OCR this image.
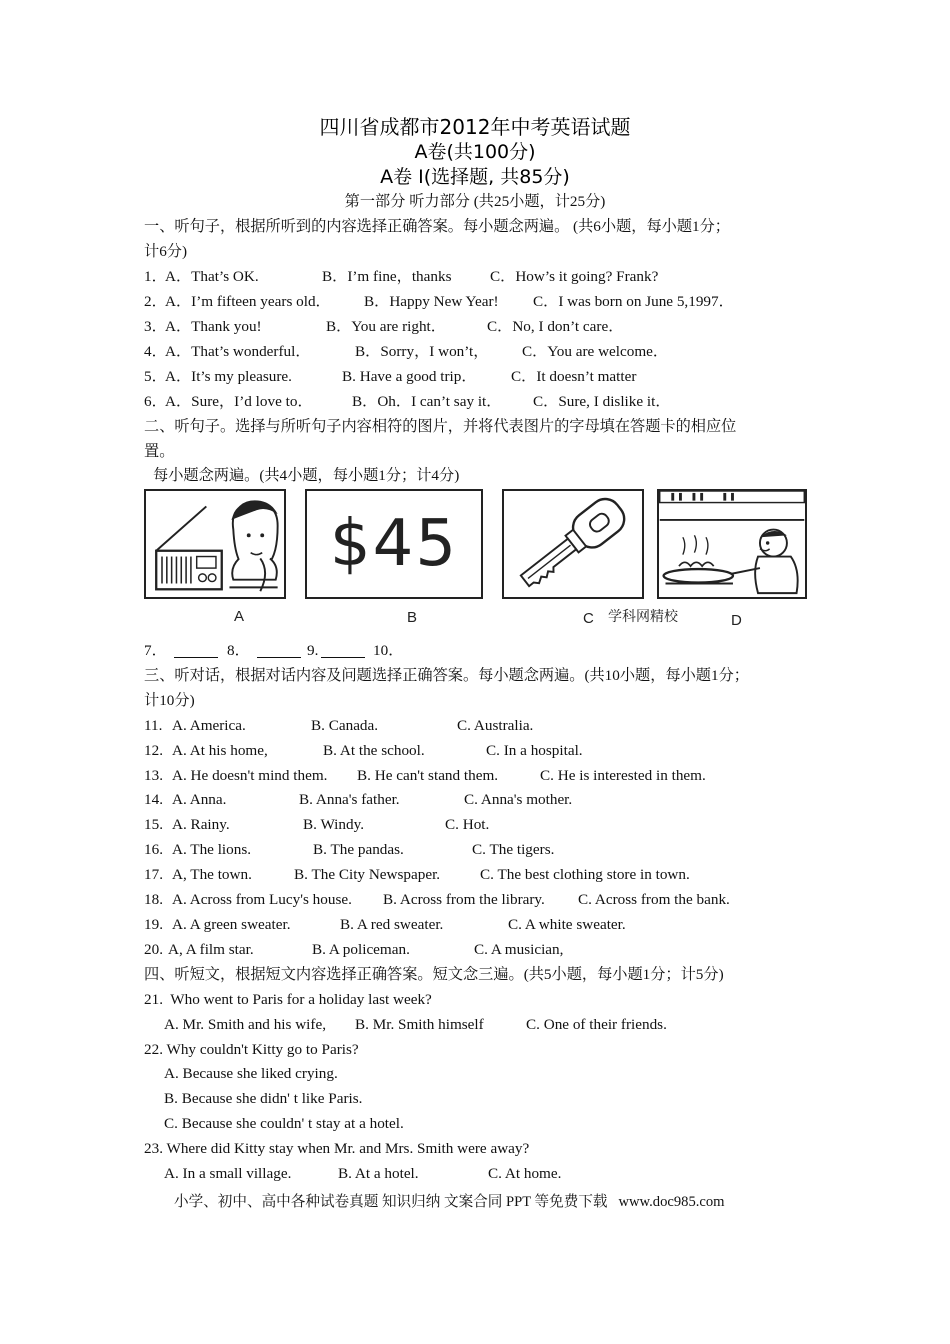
四川省成都市2012年中考英语试题
A卷(共100分)
A卷 I(选择题, 共85分)
第一部分 听力部分 (共25小题，计25分)
一、听句子，根据所听到的内容选择正确答案。每小题念两遍。 (共6小题，每小题1分；
计6分)
1．
A．That’s OK.	B．I’m fine，thanks	C．How’s it going? Frank?
2．
A．I’m fifteen years old． B．Happy New Year! C．I was born on June 5,1997．
3．
A．Thank you!	B．You are right．	C．No, I don’t care．
4．
A．That’s wonderful．	B．Sorry，I won’t， C．You are welcome．
5．
A．It’s my pleasure.	B. Have a good trip． C．It doesn’t matter
6．
A．Sure，I’d love to．	B．Oh．I can’t say it． C．Sure, I dislike it．
二、听句子。选择与所听句子内容相符的图片，并将代表图片的字母填在答题卡的相应位
置。
每小题念两遍。(共4小题，每小题1分；计4分)
A
$45
B	C 学科网精校	D
7．	8．	9.	10．
三、听对话，根据对话内容及问题选择正确答案。每小题念两遍。(共10小题，每小题1分；
计10分)
11. A. America.	B. Canada.	C. Australia.
12. A. At his home,	B. At the school.	C. In a hospital.
13. A. He doesn't mind them. B. He can't stand them.	C. He is interested in them.
14. A. Anna.	B. Anna's father.	C. Anna's mother.
15. A. Rainy.	B. Windy.	C. Hot.
16. A. The lions.	B. The pandas.	C. The tigers.
17. A, The town.	B. The City Newspaper.	C. The best clothing store in town.
18. A. Across from Lucy's house. B. Across from the library. C. Across from the bank.
19. A. A green sweater.	B. A red sweater.	C. A white sweater.
20. A, A film star.	B. A policeman.	C. A musician,
四、听短文，根据短文内容选择正确答案。短文念三遍。(共5小题，每小题1分；计5分)
21.  Who went to Paris for a holiday last week?
A. Mr. Smith and his wife, B. Mr. Smith himself	C. One of their friends.
22. Why couldn't Kitty go to Paris?
A. Because she liked crying.
B. Because she didn' t like Paris.
C. Because she couldn' t stay at a hotel.
23. Where did Kitty stay when Mr. and Mrs. Smith were away?
A. In a small village.	B. At a hotel.	C. At home.
小学、初中、高中各种试卷真题 知识归纳 文案合同 PPT 等免费下载   www.doc985.com
